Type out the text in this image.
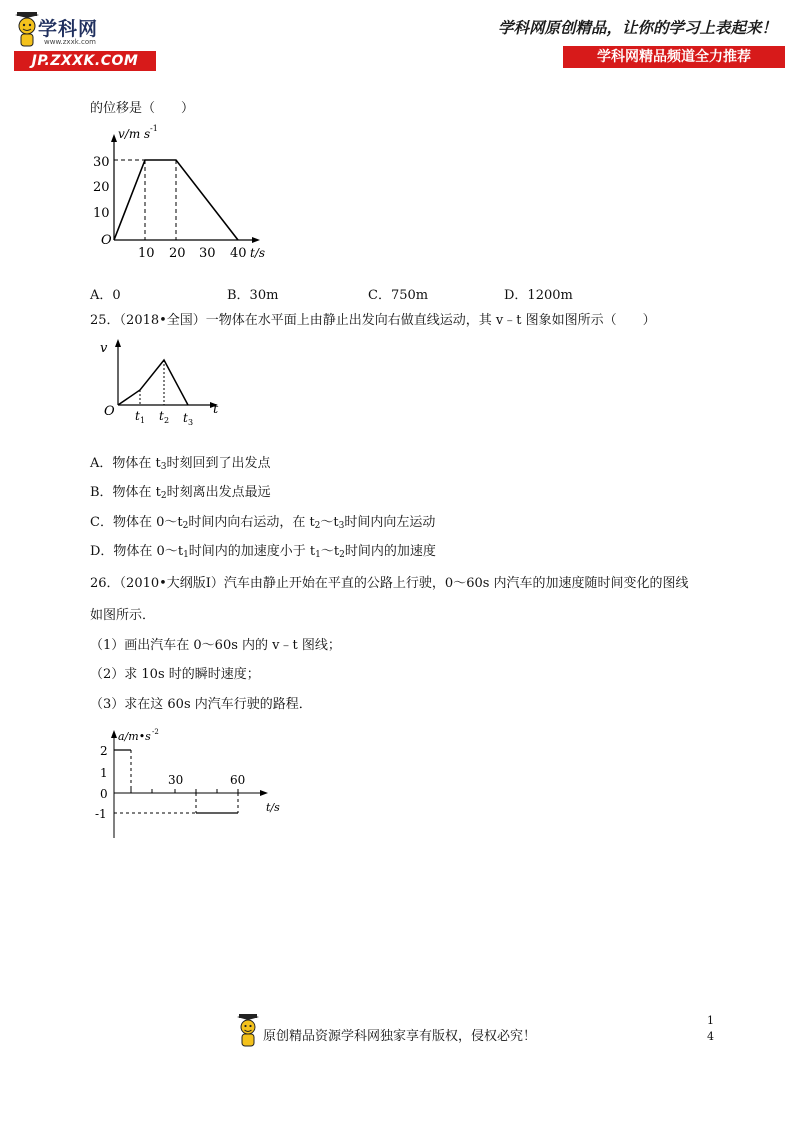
学科网
www.zxxk.com
JP.ZXXK.COM
学科网原创精品，让你的学习上表起来！
学科网精品频道全力推荐
的位移是（　　）
v/m s -1
30
20
10
O
10 20 30 40 t/s
A．0	B．30m	C．750m	D．1200m
25．（2018•全国）一物体在水平面上由静止出发向右做直线运动，其 v﹣t 图象如图所示（　　）
v
O	t
t 1 t 2 t 3
A．物体在 $t_3$时刻回到了出发点
B．物体在 $t_2$时刻离出发点最远
C．物体在 $0\sim t_2$时间内向右运动，在 $t_2\sim t_3$时间内向左运动
D．物体在 $0\sim t_1$时间内的加速度小于 $t_1\sim t_2$时间内的加速度
26．（2010•大纲版Ⅰ）汽车由静止开始在平直的公路上行驶，0～60s 内汽车的加速度随时间变化的图线
如图所示．
（1）画出汽车在 0～60s 内的 v﹣t 图线；
（2）求 10s 时的瞬时速度；
（3）求在这 60s 内汽车行驶的路程．
a/m•s -2
2
1
0
-1
30	60
t/s
原创精品资源学科网独家享有版权，侵权必究！
1
4
